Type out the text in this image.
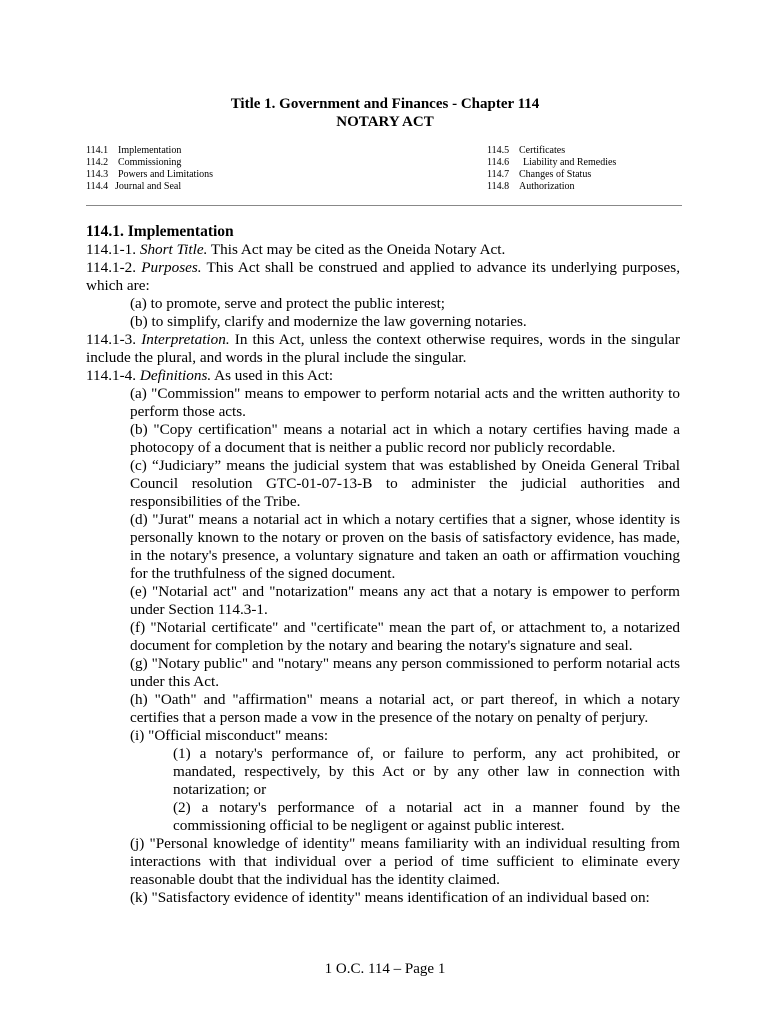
Title 1. Government and Finances - Chapter 114
NOTARY ACT
114.1 Implementation
114.2 Commissioning
114.3 Powers and Limitations
114.4 Journal and Seal
114.5 Certificates
114.6 Liability and Remedies
114.7 Changes of Status
114.8 Authorization

114.1. Implementation

114.1-1. Short Title. This Act may be cited as the Oneida Notary Act.

114.1-2. Purposes. This Act shall be construed and applied to advance its underlying purposes, which are:

(a) to promote, serve and protect the public interest;

(b) to simplify, clarify and modernize the law governing notaries.

114.1-3. Interpretation. In this Act, unless the context otherwise requires, words in the singular include the plural, and words in the plural include the singular.

114.1-4. Definitions. As used in this Act:

(a) "Commission" means to empower to perform notarial acts and the written authority to perform those acts.

(b) "Copy certification" means a notarial act in which a notary certifies having made a photocopy of a document that is neither a public record nor publicly recordable.

(c) “Judiciary” means the judicial system that was established by Oneida General Tribal Council resolution GTC-01-07-13-B to administer the judicial authorities and responsibilities of the Tribe.

(d) "Jurat" means a notarial act in which a notary certifies that a signer, whose identity is personally known to the notary or proven on the basis of satisfactory evidence, has made, in the notary's presence, a voluntary signature and taken an oath or affirmation vouching for the truthfulness of the signed document.

(e) "Notarial act" and "notarization" means any act that a notary is empower to perform under Section 114.3-1.

(f) "Notarial certificate" and "certificate" mean the part of, or attachment to, a notarized document for completion by the notary and bearing the notary's signature and seal.

(g) "Notary public" and "notary" means any person commissioned to perform notarial acts under this Act.

(h) "Oath" and "affirmation" means a notarial act, or part thereof, in which a notary certifies that a person made a vow in the presence of the notary on penalty of perjury.

(i) "Official misconduct" means:

(1) a notary's performance of, or failure to perform, any act prohibited, or mandated, respectively, by this Act or by any other law in connection with notarization; or

(2) a notary's performance of a notarial act in a manner found by the commissioning official to be negligent or against public interest.

(j) "Personal knowledge of identity" means familiarity with an individual resulting from interactions with that individual over a period of time sufficient to eliminate every reasonable doubt that the individual has the identity claimed.

(k) "Satisfactory evidence of identity" means identification of an individual based on:

1 O.C. 114 – Page 1
